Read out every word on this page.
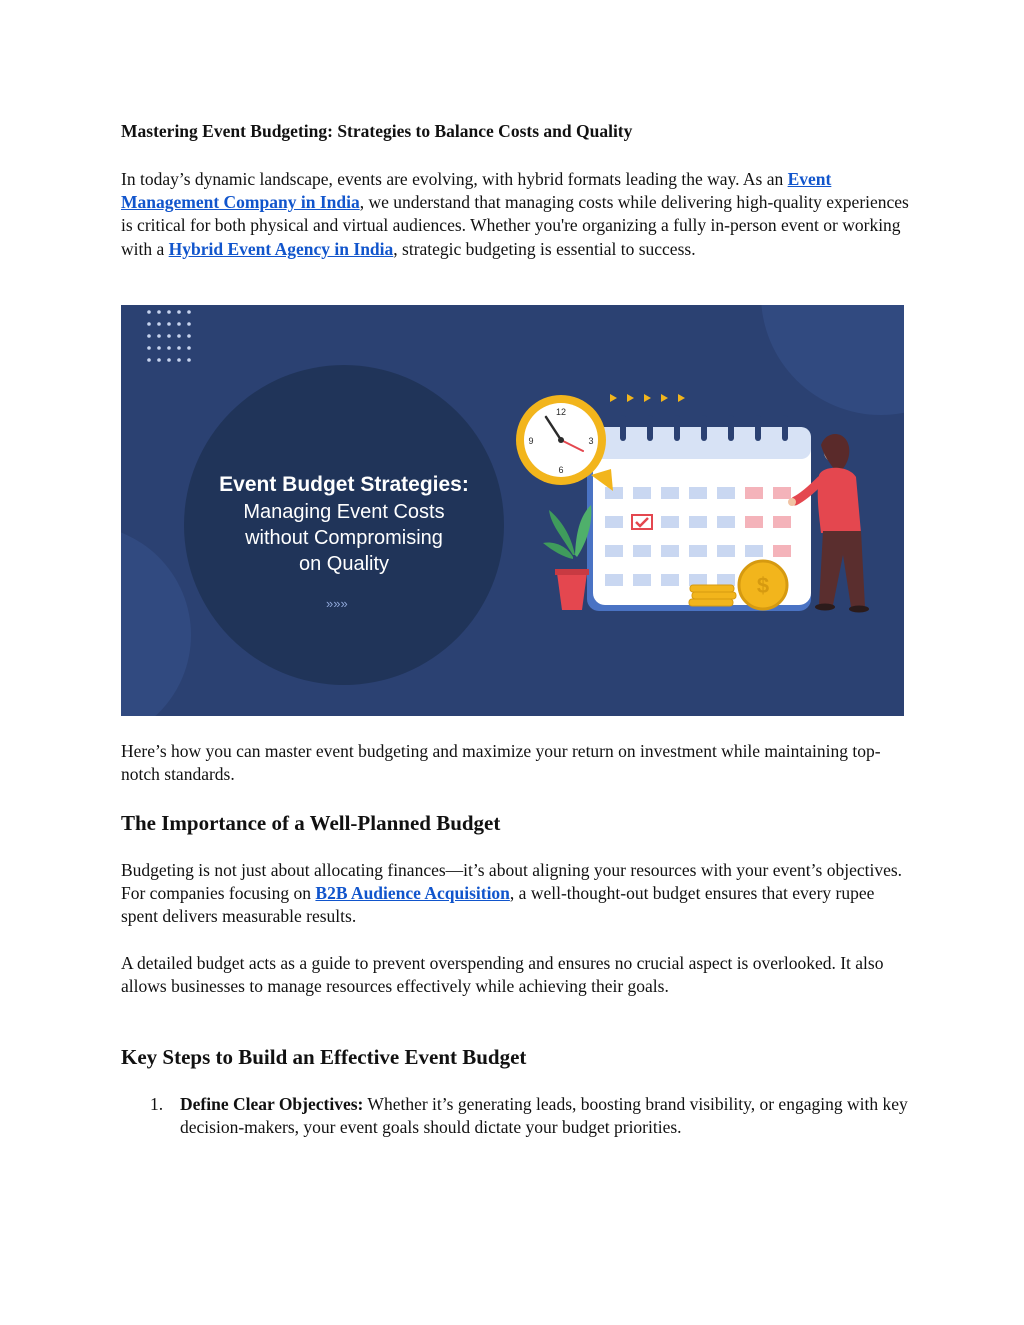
Mastering Event Budgeting: Strategies to Balance Costs and Quality

In today’s dynamic landscape, events are evolving, with hybrid formats leading the way. As an Event Management Company in India, we understand that managing costs while delivering high-quality experiences is critical for both physical and virtual audiences. Whether you're organizing a fully in-person event or working with a Hybrid Event Agency in India, strategic budgeting is essential to success.

Event Budget Strategies:
Managing Event Costs
without Compromising
on Quality
»»»
12
3
6
9
$

Here’s how you can master event budgeting and maximize your return on investment while maintaining top-notch standards.

The Importance of a Well-Planned Budget

Budgeting is not just about allocating finances—it’s about aligning your resources with your event’s objectives. For companies focusing on B2B Audience Acquisition, a well-thought-out budget ensures that every rupee spent delivers measurable results.

A detailed budget acts as a guide to prevent overspending and ensures no crucial aspect is overlooked. It also allows businesses to manage resources effectively while achieving their goals.

Key Steps to Build an Effective Event Budget
1. Define Clear Objectives: Whether it’s generating leads, boosting brand visibility, or engaging with key decision-makers, your event goals should dictate your budget priorities.
